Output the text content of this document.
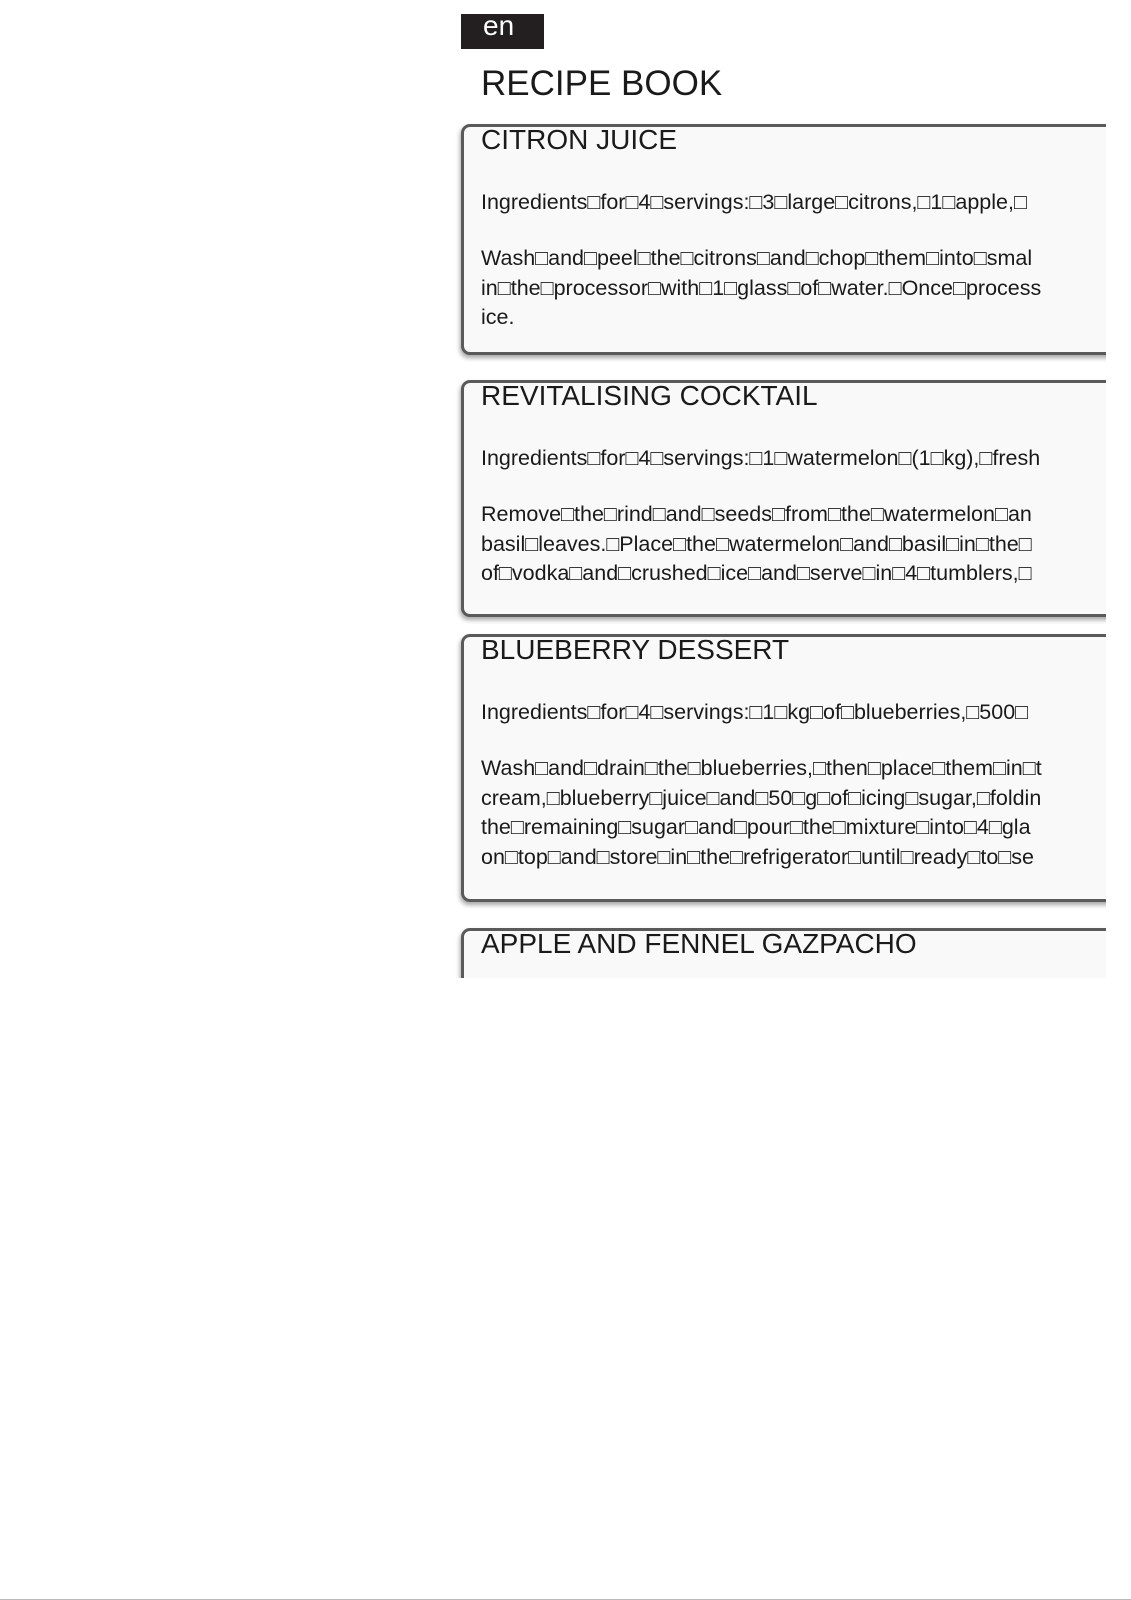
en
RECIPE BOOK
CITRON JUICE
Ingredients□for□4□servings:□3□large□citrons,□1□apple,□
Wash□and□peel□the□citrons□and□chop□them□into□smal
in□the□processor□with□1□glass□of□water.□Once□process
ice.
REVITALISING COCKTAIL
Ingredients□for□4□servings:□1□watermelon□(1□kg),□fresh
Remove□the□rind□and□seeds□from□the□watermelon□an
basil□leaves.□Place□the□watermelon□and□basil□in□the□
of□vodka□and□crushed□ice□and□serve□in□4□tumblers,□
BLUEBERRY DESSERT
Ingredients□for□4□servings:□1□kg□of□blueberries,□500□
Wash□and□drain□the□blueberries,□then□place□them□in□t
cream,□blueberry□juice□and□50□g□of□icing□sugar,□foldin
the□remaining□sugar□and□pour□the□mixture□into□4□gla
on□top□and□store□in□the□refrigerator□until□ready□to□se
APPLE AND FENNEL GAZPACHO
